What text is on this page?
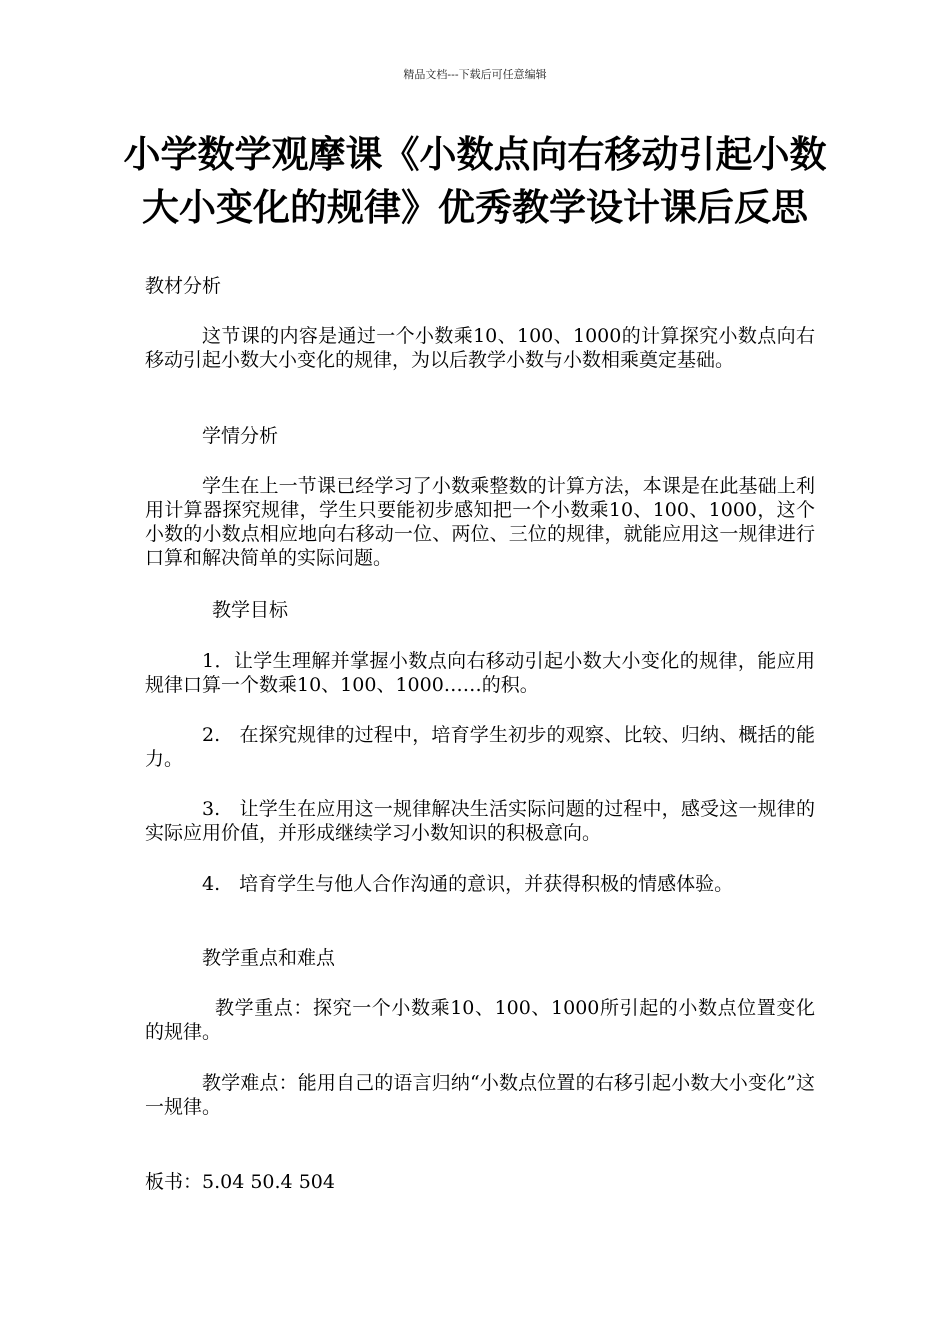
精品文档---下载后可任意编辑
小学数学观摩课《小数点向右移动引起小数大小变化的规律》优秀教学设计课后反思

教材分析

这节课的内容是通过一个小数乘10、100、1000的计算探究小数点向右移动引起小数大小变化的规律，为以后教学小数与小数相乘奠定基础。

学情分析

学生在上一节课已经学习了小数乘整数的计算方法，本课是在此基础上利用计算器探究规律，学生只要能初步感知把一个小数乘10、100、1000，这个小数的小数点相应地向右移动一位、两位、三位的规律，就能应用这一规律进行口算和解决简单的实际问题。

教学目标

1．让学生理解并掌握小数点向右移动引起小数大小变化的规律，能应用规律口算一个数乘10、100、1000……的积。

2.　在探究规律的过程中，培育学生初步的观察、比较、归纳、概括的能力。

3.　让学生在应用这一规律解决生活实际问题的过程中，感受这一规律的实际应用价值，并形成继续学习小数知识的积极意向。

4.　培育学生与他人合作沟通的意识，并获得积极的情感体验。

教学重点和难点

教学重点：探究一个小数乘10、100、1000所引起的小数点位置变化的规律。

教学难点：能用自己的语言归纳“小数点位置的右移引起小数大小变化”这一规律。

板书：5.04 50.4 504
